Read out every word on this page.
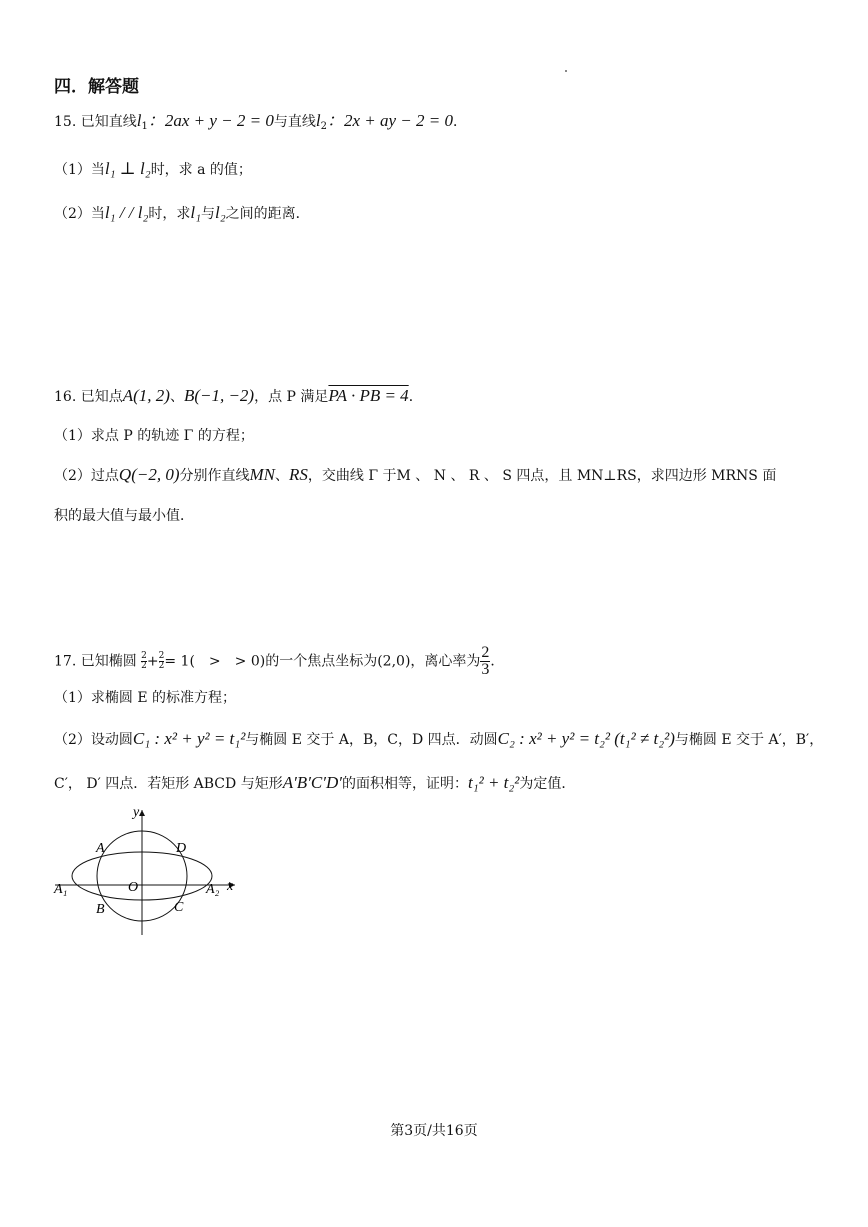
四．解答题
15. 已知直线$l_1$：2ax + y − 2 = 0与直线$l_2$：2x + ay − 2 = 0．
（1）当l₁ ⊥ l₂时，求 a 的值；
（2）当l₁ / / l₂时，求l₁与l₂之间的距离．
16. 已知点A(1, 2)、B(−1, −2)，点 P 满足PA · PB = 4．
（1）求点 P 的轨迹 Γ 的方程；
（2）过点Q(−2, 0)分别作直线MN、RS，交曲线 Γ 于M 、 N 、 R 、 S 四点，且 MN⊥RS，求四边形 MRNS 面
积的最大值与最小值．
17. 已知椭圆 $\frac{2}{2} + \frac{2}{2} = 1$(　>　> 0)的一个焦点坐标为(2,0)，离心率为 $\frac{2}{3}$ ．
（1）求椭圆 E 的标准方程；
（2）设动圆C₁ : x² + y² = t₁²与椭圆 E 交于 A，B，C，D 四点．动圆C₂ : x² + y² = t₂² (t₁² ≠ t₂²)与椭圆 E 交于 A′，B′，
C′， D′ 四点．若矩形 ABCD 与矩形A′B′C′D′的面积相等，证明：t₁² + t₂²为定值．
y
x
O
A	D
B	C
A₁	A₂
第3页/共16页
